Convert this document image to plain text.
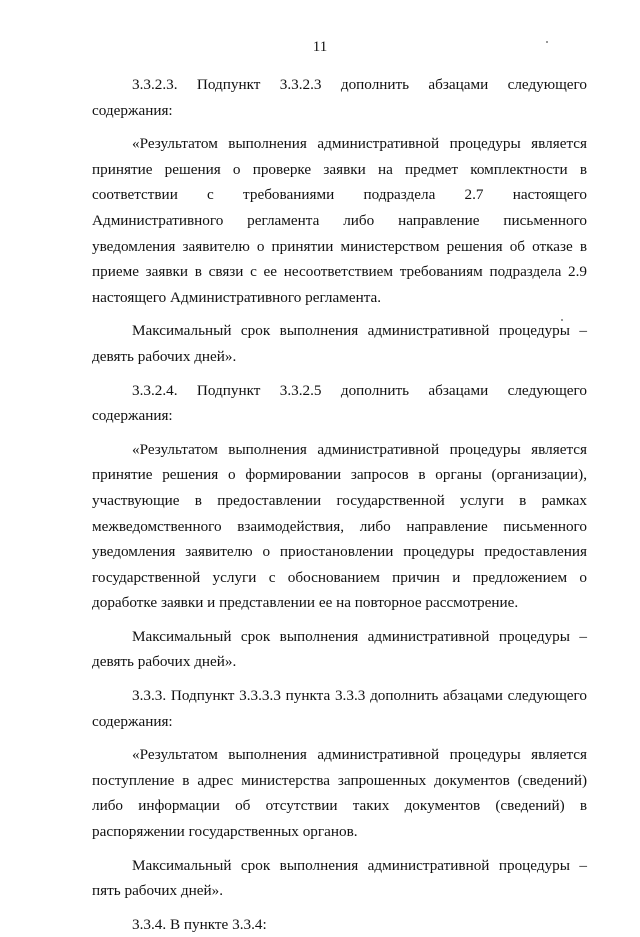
11

3.3.2.3. Подпункт 3.3.2.3 дополнить абзацами следующего содержания:

«Результатом выполнения административной процедуры является принятие решения о проверке заявки на предмет комплектности в соответствии с требованиями подраздела 2.7 настоящего Административного регламента либо направление письменного уведомления заявителю о принятии министерством решения об отказе в приеме заявки в связи с ее несоответствием требованиям подраздела 2.9 настоящего Административного регламента.

Максимальный срок выполнения административной процедуры – девять рабочих дней».

3.3.2.4. Подпункт 3.3.2.5 дополнить абзацами следующего содержания:

«Результатом выполнения административной процедуры является принятие решения о формировании запросов в органы (организации), участвующие в предоставлении государственной услуги в рамках межведомственного взаимодействия, либо направление письменного уведомления заявителю о приостановлении процедуры предоставления государственной услуги с обоснованием причин и предложением о доработке заявки и представлении ее на повторное рассмотрение.

Максимальный срок выполнения административной процедуры – девять рабочих дней».

3.3.3. Подпункт 3.3.3.3 пункта 3.3.3 дополнить абзацами следующего содержания:

«Результатом выполнения административной процедуры является поступление в адрес министерства запрошенных документов (сведений) либо информации об отсутствии таких документов (сведений) в распоряжении государственных органов.

Максимальный срок выполнения административной процедуры – пять рабочих дней».

3.3.4. В пункте 3.3.4:
